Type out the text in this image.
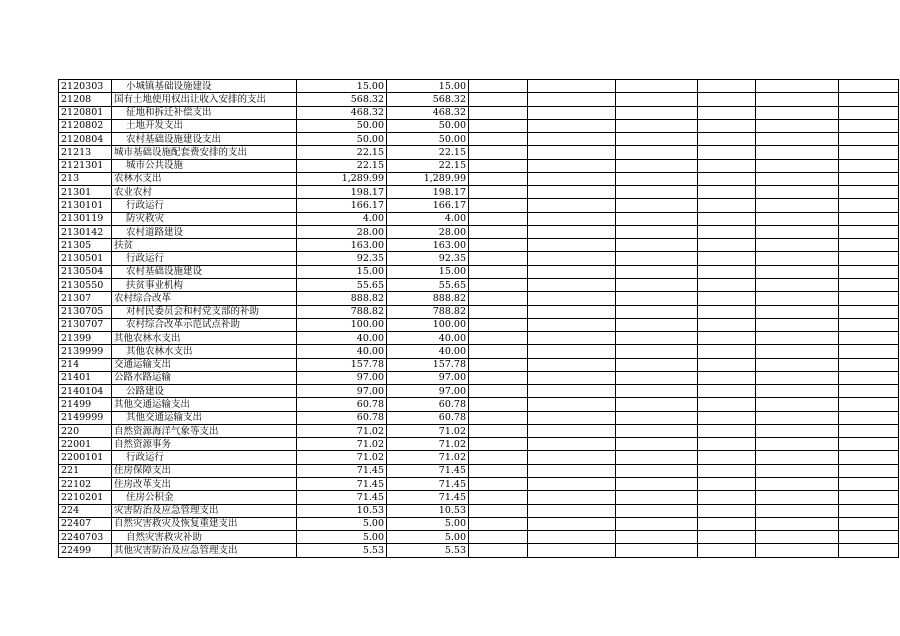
2120303	小城镇基础设施建设	15.00	15.00						
21208	国有土地使用权出让收入安排的支出	568.32	568.32						
2120801	征地和拆迁补偿支出	468.32	468.32						
2120802	土地开发支出	50.00	50.00						
2120804	农村基础设施建设支出	50.00	50.00						
21213	城市基础设施配套费安排的支出	22.15	22.15						
2121301	城市公共设施	22.15	22.15						
213	农林水支出	1,289.99	1,289.99						
21301	农业农村	198.17	198.17						
2130101	行政运行	166.17	166.17						
2130119	防灾救灾	4.00	4.00						
2130142	农村道路建设	28.00	28.00						
21305	扶贫	163.00	163.00						
2130501	行政运行	92.35	92.35						
2130504	农村基础设施建设	15.00	15.00						
2130550	扶贫事业机构	55.65	55.65						
21307	农村综合改革	888.82	888.82						
2130705	对村民委员会和村党支部的补助	788.82	788.82						
2130707	农村综合改革示范试点补助	100.00	100.00						
21399	其他农林水支出	40.00	40.00						
2139999	其他农林水支出	40.00	40.00						
214	交通运输支出	157.78	157.78						
21401	公路水路运输	97.00	97.00						
2140104	公路建设	97.00	97.00						
21499	其他交通运输支出	60.78	60.78						
2149999	其他交通运输支出	60.78	60.78						
220	自然资源海洋气象等支出	71.02	71.02						
22001	自然资源事务	71.02	71.02						
2200101	行政运行	71.02	71.02						
221	住房保障支出	71.45	71.45						
22102	住房改革支出	71.45	71.45						
2210201	住房公积金	71.45	71.45						
224	灾害防治及应急管理支出	10.53	10.53						
22407	自然灾害救灾及恢复重建支出	5.00	5.00						
2240703	自然灾害救灾补助	5.00	5.00						
22499	其他灾害防治及应急管理支出	5.53	5.53						
